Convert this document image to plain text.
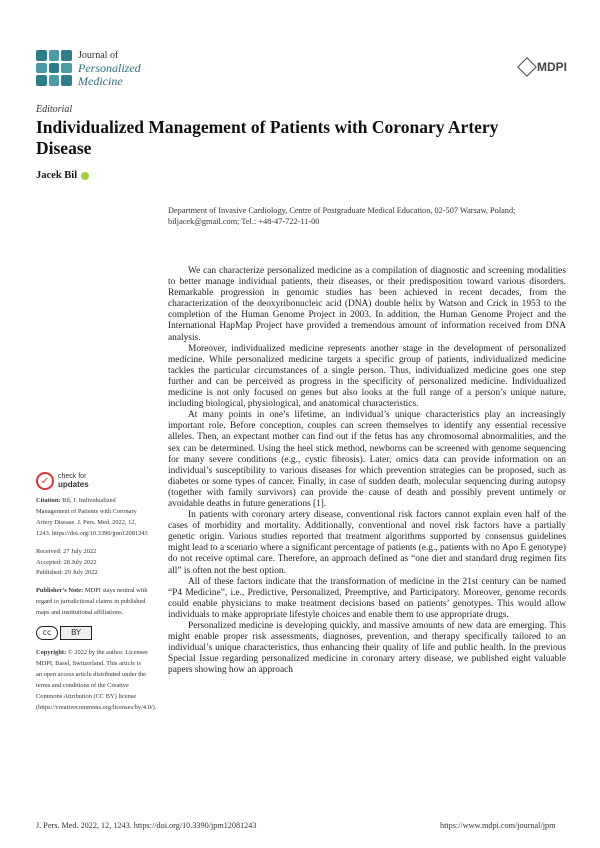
Journal of
Personalized
Medicine
MDPI
Editorial
Individualized Management of Patients with Coronary Artery Disease
Jacek Bil
Department of Invasive Cardiology, Centre of Postgraduate Medical Education, 02-507 Warsaw, Poland; biljacek@gmail.com; Tel.: +48-47-722-11-00

We can characterize personalized medicine as a compilation of diagnostic and screening modalities to better manage individual patients, their diseases, or their predisposition toward various disorders. Remarkable progression in genomic studies has been achieved in recent decades, from the characterization of the deoxyribonucleic acid (DNA) double helix by Watson and Crick in 1953 to the completion of the Human Genome Project in 2003. In addition, the Human Genome Project and the International HapMap Project have provided a tremendous amount of information received from DNA analysis.

Moreover, individualized medicine represents another stage in the development of personalized medicine. While personalized medicine targets a specific group of patients, individualized medicine tackles the particular circumstances of a single person. Thus, individualized medicine goes one step further and can be perceived as progress in the specificity of personalized medicine. Individualized medicine is not only focused on genes but also looks at the full range of a person’s unique nature, including biological, physiological, and anatomical characteristics.

At many points in one’s lifetime, an individual’s unique characteristics play an increasingly important role. Before conception, couples can screen themselves to identify any essential recessive alleles. Then, an expectant mother can find out if the fetus has any chromosomal abnormalities, and the sex can be determined. Using the heel stick method, newborns can be screened with genome sequencing for many severe conditions (e.g., cystic fibrosis). Later, omics data can provide information on an individual’s susceptibility to various diseases for which prevention strategies can be proposed, such as diabetes or some types of cancer. Finally, in case of sudden death, molecular sequencing during autopsy (together with family survivors) can provide the cause of death and possibly prevent untimely or avoidable deaths in future generations [1].

In patients with coronary artery disease, conventional risk factors cannot explain even half of the cases of morbidity and mortality. Additionally, conventional and novel risk factors have a partially genetic origin. Various studies reported that treatment algorithms supported by consensus guidelines might lead to a scenario where a significant percentage of patients (e.g., patients with no Apo E genotype) do not receive optimal care. Therefore, an approach defined as “one diet and standard drug regimen fits all” is often not the best option.

All of these factors indicate that the transformation of medicine in the 21st century can be named “P4 Medicine”, i.e., Predictive, Personalized, Preemptive, and Participatory. Moreover, genome records could enable physicians to make treatment decisions based on patients’ genotypes. This would allow individuals to make appropriate lifestyle choices and enable them to use appropriate drugs.

Personalized medicine is developing quickly, and massive amounts of new data are emerging. This might enable proper risk assessments, diagnoses, prevention, and therapy specifically tailored to an individual’s unique characteristics, thus enhancing their quality of life and public health. In the previous Special Issue regarding personalized medicine in coronary artery disease, we published eight valuable papers showing how an approach

✓	check for
updates

Citation: Bil, J. Individualized Management of Patients with Coronary Artery Disease. J. Pers. Med. 2022, 12, 1243. https://doi.org/10.3390/jpm12081243

Received: 27 July 2022
Accepted: 28 July 2022
Published: 29 July 2022

Publisher’s Note: MDPI stays neutral with regard to jurisdictional claims in published maps and institutional affiliations.

cc	BY

Copyright: © 2022 by the author. Licensee MDPI, Basel, Switzerland. This article is an open access article distributed under the terms and conditions of the Creative Commons Attribution (CC BY) license (https://creativecommons.org/licenses/by/4.0/).

J. Pers. Med. 2022, 12, 1243. https://doi.org/10.3390/jpm12081243	https://www.mdpi.com/journal/jpm
